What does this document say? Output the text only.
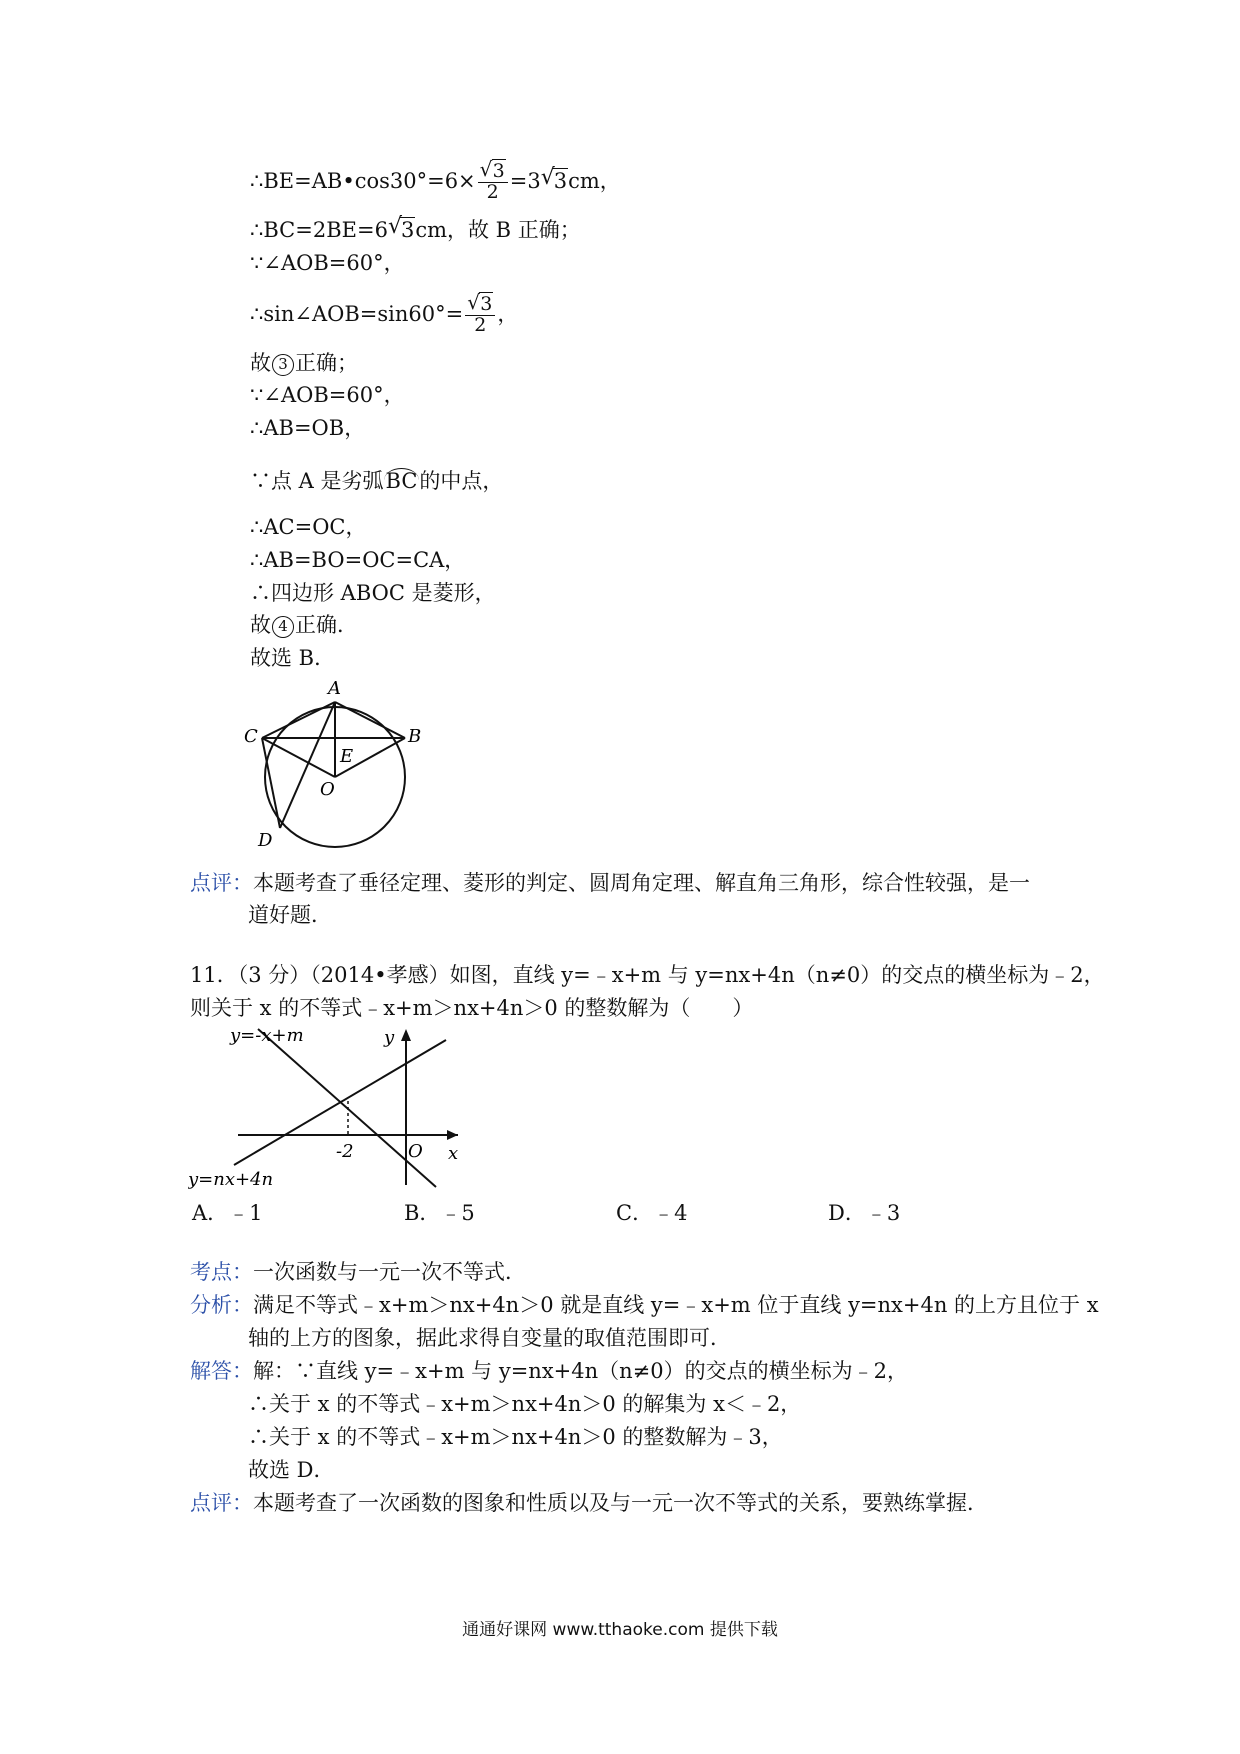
∴BE=AB•cos30°=6× $\frac{√ 3}{2} =3$ √
3cm，
∴BC=2BE=6 √
3cm，故 B 正确；
∵∠AOB=60°，
∴sin∠AOB=sin60°= $\frac{√ 3}{2}$ ，
故 3 正确；
∵∠AOB=60°，
∴AB=OB，
∵点 A 是劣弧BC的中点，
∴AC=OC，
∴AB=BO=OC=CA，
∴四边形 ABOC 是菱形，
故 4 正确．
故选 B．
A
B
C
D
E
O
点评：本题考查了垂径定理、菱形的判定、圆周角定理、解直角三角形，综合性较强，是一
道好题．
11．（3 分）（2014•孝感）如图，直线 y=﹣x+m 与 y=nx+4n（n≠0）的交点的横坐标为﹣2，
则关于 x 的不等式﹣x+m＞nx+4n＞0 的整数解为（　　）
y=-x+m
y=nx+4n
y
x
O
-2
A．﹣1	B．﹣5	C．﹣4	D．﹣3
考点：一次函数与一元一次不等式．
分析：满足不等式﹣x+m＞nx+4n＞0 就是直线 y=﹣x+m 位于直线 y=nx+4n 的上方且位于 x
轴的上方的图象，据此求得自变量的取值范围即可．
解答：解：∵直线 y=﹣x+m 与 y=nx+4n（n≠0）的交点的横坐标为﹣2，
∴关于 x 的不等式﹣x+m＞nx+4n＞0 的解集为 x＜﹣2，
∴关于 x 的不等式﹣x+m＞nx+4n＞0 的整数解为﹣3，
故选 D．
点评：本题考查了一次函数的图象和性质以及与一元一次不等式的关系，要熟练掌握．
通通好课网 www.tthaoke.com 提供下载
